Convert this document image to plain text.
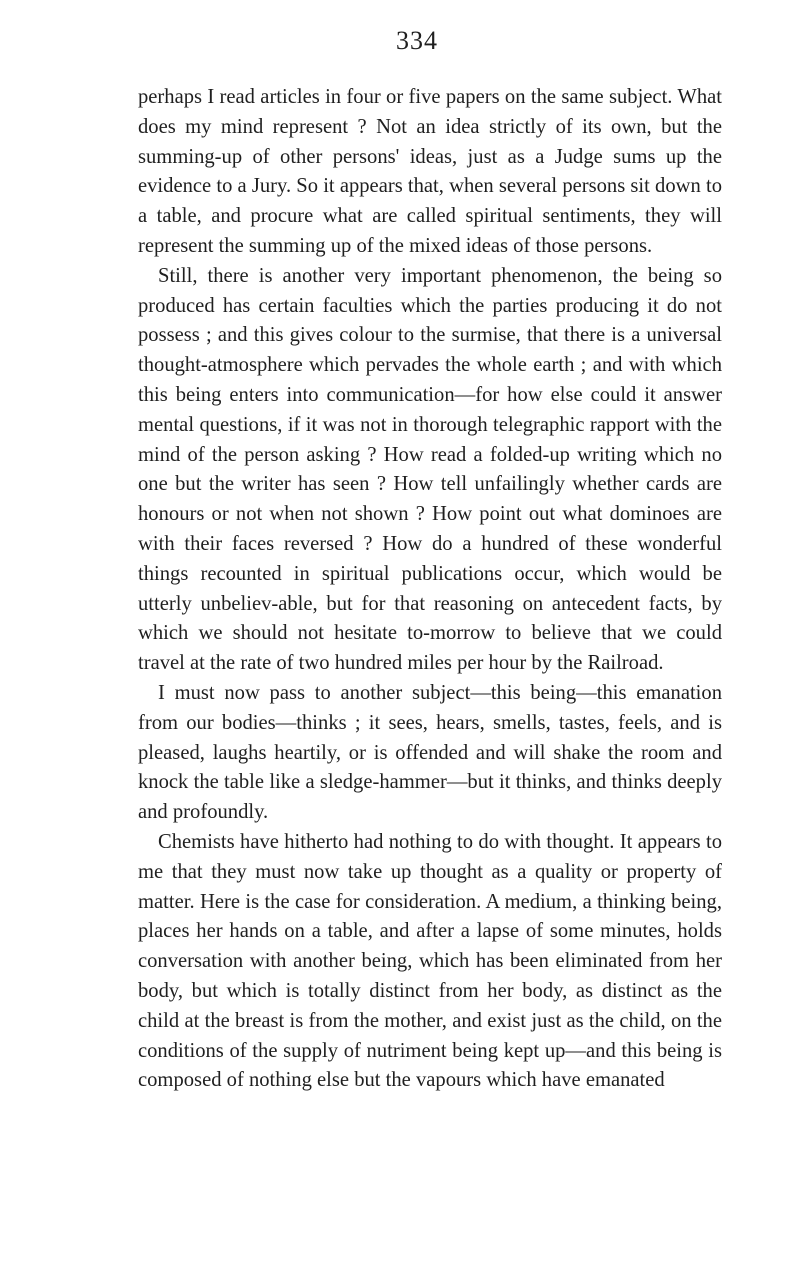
334

perhaps I read articles in four or five papers on the same subject. What does my mind represent ? Not an idea strictly of its own, but the summing-up of other persons' ideas, just as a Judge sums up the evidence to a Jury. So it appears that, when several persons sit down to a table, and procure what are called spiritual sentiments, they will represent the summing up of the mixed ideas of those persons.

Still, there is another very important phenomenon, the being so produced has certain faculties which the parties producing it do not possess ; and this gives colour to the surmise, that there is a universal thought-atmosphere which pervades the whole earth ; and with which this being enters into communication—for how else could it answer mental questions, if it was not in thorough telegraphic rapport with the mind of the person asking ? How read a folded-up writing which no one but the writer has seen ? How tell unfailingly whether cards are honours or not when not shown ? How point out what dominoes are with their faces reversed ? How do a hundred of these wonderful things recounted in spiritual publications occur, which would be utterly unbeliev-able, but for that reasoning on antecedent facts, by which we should not hesitate to-morrow to believe that we could travel at the rate of two hundred miles per hour by the Railroad.

I must now pass to another subject—this being—this emanation from our bodies—thinks ; it sees, hears, smells, tastes, feels, and is pleased, laughs heartily, or is offended and will shake the room and knock the table like a sledge-hammer—but it thinks, and thinks deeply and profoundly.

Chemists have hitherto had nothing to do with thought. It appears to me that they must now take up thought as a quality or property of matter. Here is the case for consideration. A medium, a thinking being, places her hands on a table, and after a lapse of some minutes, holds conversation with another being, which has been eliminated from her body, but which is totally distinct from her body, as distinct as the child at the breast is from the mother, and exist just as the child, on the conditions of the supply of nutriment being kept up—and this being is composed of nothing else but the vapours which have emanated
